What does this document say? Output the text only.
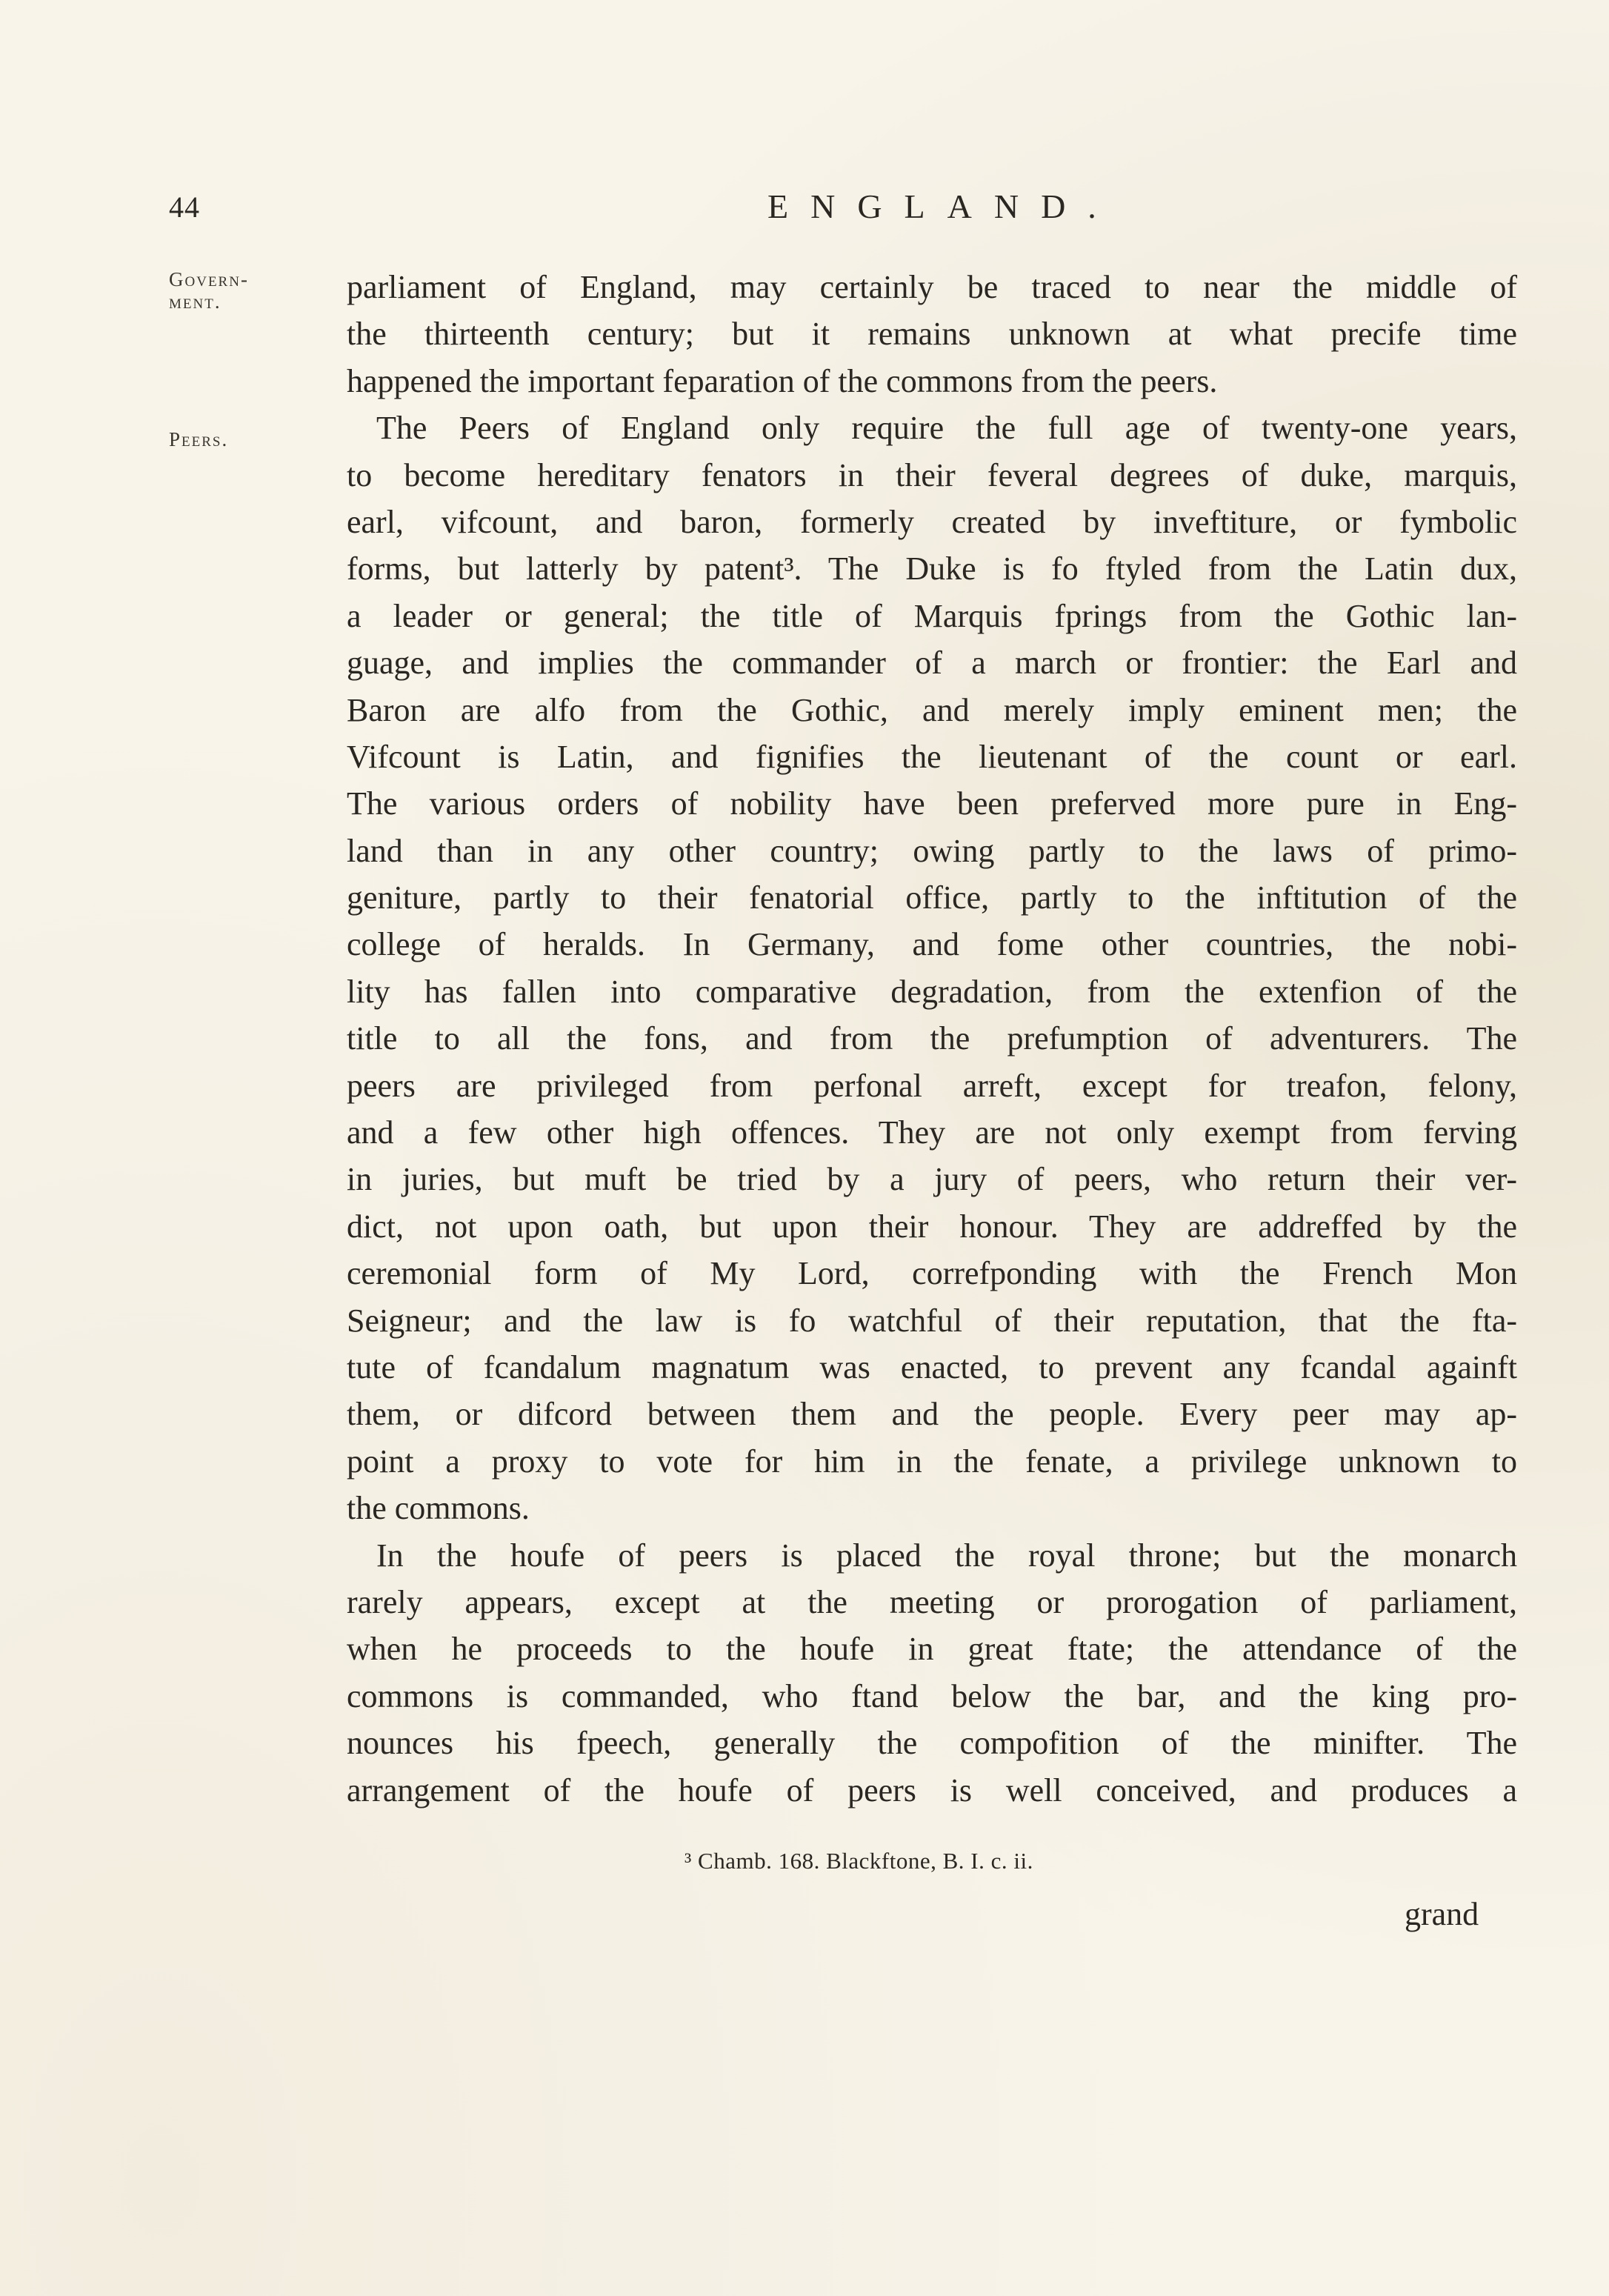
44	ENGLAND.
Govern-
ment.
Peers.
parliament of England, may certainly be traced to near the middle of
the thirteenth century; but it remains unknown at what precife time
happened the important feparation of the commons from the peers.
The Peers of England only require the full age of twenty-one years,
to become hereditary fenators in their feveral degrees of duke, marquis,
earl, vifcount, and baron, formerly created by inveftiture, or fymbolic
forms, but latterly by patent³. The Duke is fo ftyled from the Latin dux,
a leader or general; the title of Marquis fprings from the Gothic lan-
guage, and implies the commander of a march or frontier: the Earl and
Baron are alfo from the Gothic, and merely imply eminent men; the
Vifcount is Latin, and fignifies the lieutenant of the count or earl.
The various orders of nobility have been preferved more pure in Eng-
land than in any other country; owing partly to the laws of primo-
geniture, partly to their fenatorial office, partly to the inftitution of the
college of heralds. In Germany, and fome other countries, the nobi-
lity has fallen into comparative degradation, from the extenfion of the
title to all the fons, and from the prefumption of adventurers. The
peers are privileged from perfonal arreft, except for treafon, felony,
and a few other high offences. They are not only exempt from ferving
in juries, but muft be tried by a jury of peers, who return their ver-
dict, not upon oath, but upon their honour. They are addreffed by the
ceremonial form of My Lord, correfponding with the French Mon
Seigneur; and the law is fo watchful of their reputation, that the fta-
tute of fcandalum magnatum was enacted, to prevent any fcandal againft
them, or difcord between them and the people. Every peer may ap-
point a proxy to vote for him in the fenate, a privilege unknown to
the commons.
In the houfe of peers is placed the royal throne; but the monarch
rarely appears, except at the meeting or prorogation of parliament,
when he proceeds to the houfe in great ftate; the attendance of the
commons is commanded, who ftand below the bar, and the king pro-
nounces his fpeech, generally the compofition of the minifter. The
arrangement of the houfe of peers is well conceived, and produces a
³ Chamb. 168. Blackftone, B. I. c. ii.
grand
